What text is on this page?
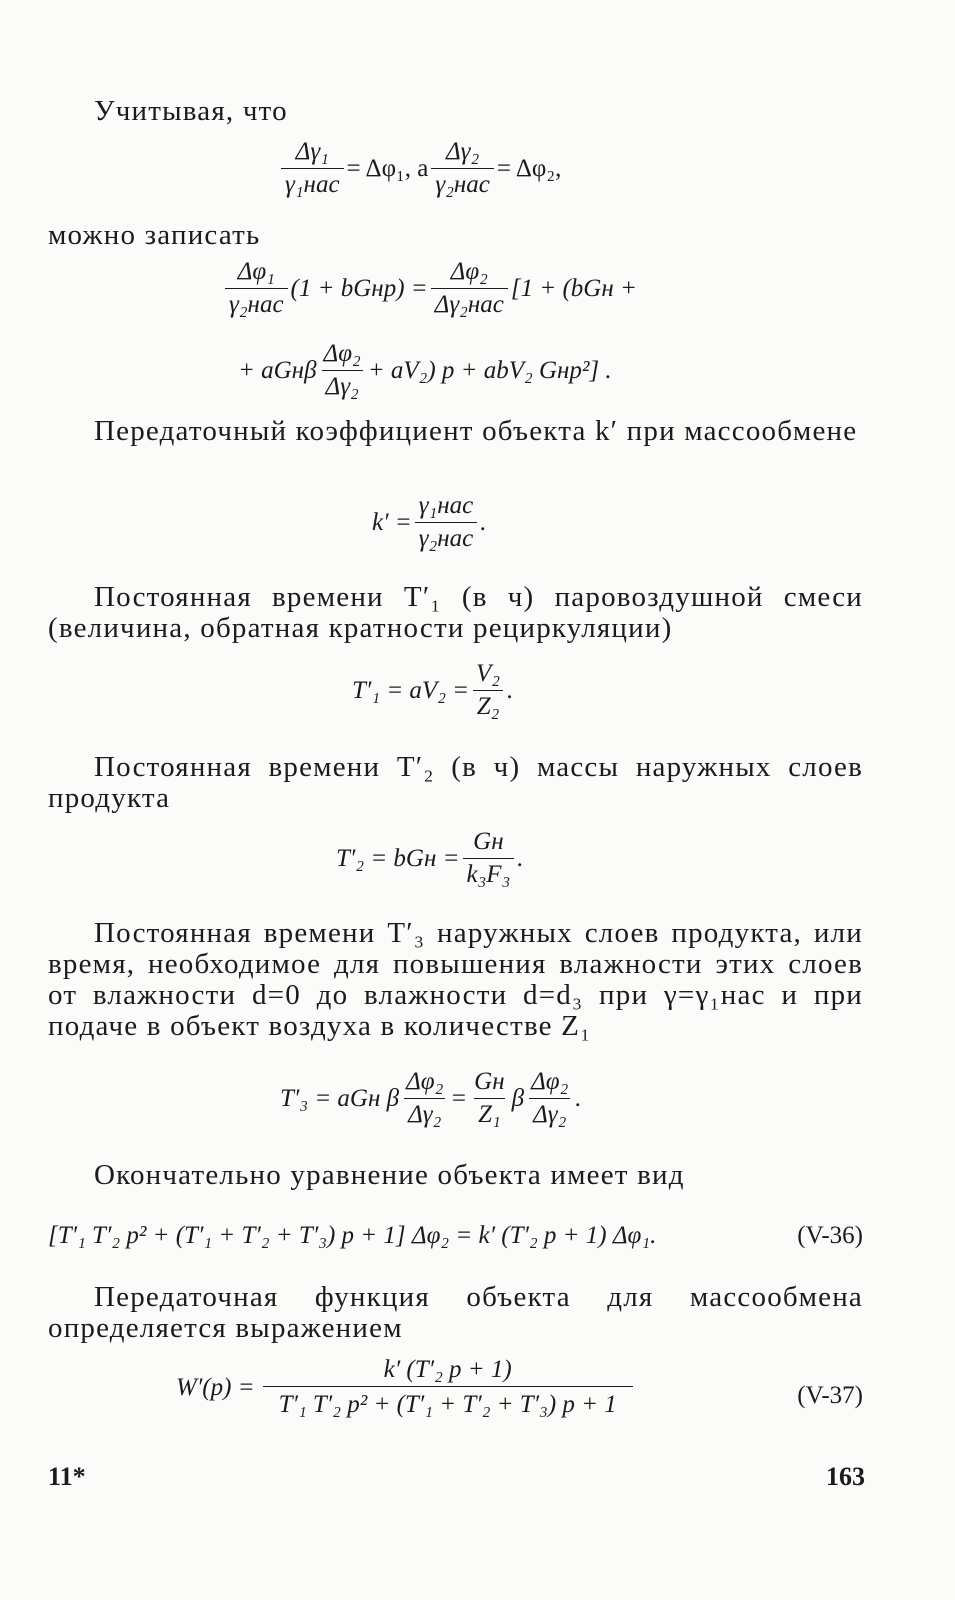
Учитывая, что

Δγ₁
γ₁нас
= Δφ₁, а
Δγ₂
γ₂нас
= Δφ₂,

можно записать

Δφ₁
γ₂нас
(1 + bGнp) =
Δφ₂
Δγ₂нас
[1 + (bGн +
+ aGнβ $\frac{\text{Δφ₂}}{\text{Δγ₂}} + aV_2$) p + abV₂ Gнp²] .

Передаточный коэффициент объекта k′ при массообмене

k′ =
γ₁нас
γ₂нас
.

Постоянная времени T′₁ (в ч) паровоздушной смеси (величина, обратная кратности рециркуляции)

$T'_1 = aV_2 = \frac{\text{V₂}}{\text{Z₂}}$ .

Постоянная времени T′₂ (в ч) массы наружных слоев продукта

T′₂ = bGн =
Gн
k₃F₃
.

Постоянная времени T′₃ наружных слоев продукта, или время, необходимое для повышения влажности этих слоев от влажности d=0 до влажности d=d₃ при γ=γ₁нас и при подаче в объект воздуха в количестве Z₁

T′₃ = aGн β $\frac{\text{Δφ₂}}{\text{Δγ₂}}$ =
Gн
Z₁
β $\frac{\text{Δφ₂}}{\text{Δγ₂}}$ .

Окончательно уравнение объекта имеет вид

[T′₁ T′₂ p² + (T′₁ + T′₂ + T′₃) p + 1] Δφ₂ = k′ (T′₂ p + 1) Δφ₁.	(V-36)

Передаточная функция объекта для массообмена определяется выражением

$W'(p) = \frac{\text{k′ (T′₂ p + 1)}}{\text{T′₁ T′₂ p² + (T′₁ + T′₂ + T′₃) p + 1}}$	(V-37)
11*	163
